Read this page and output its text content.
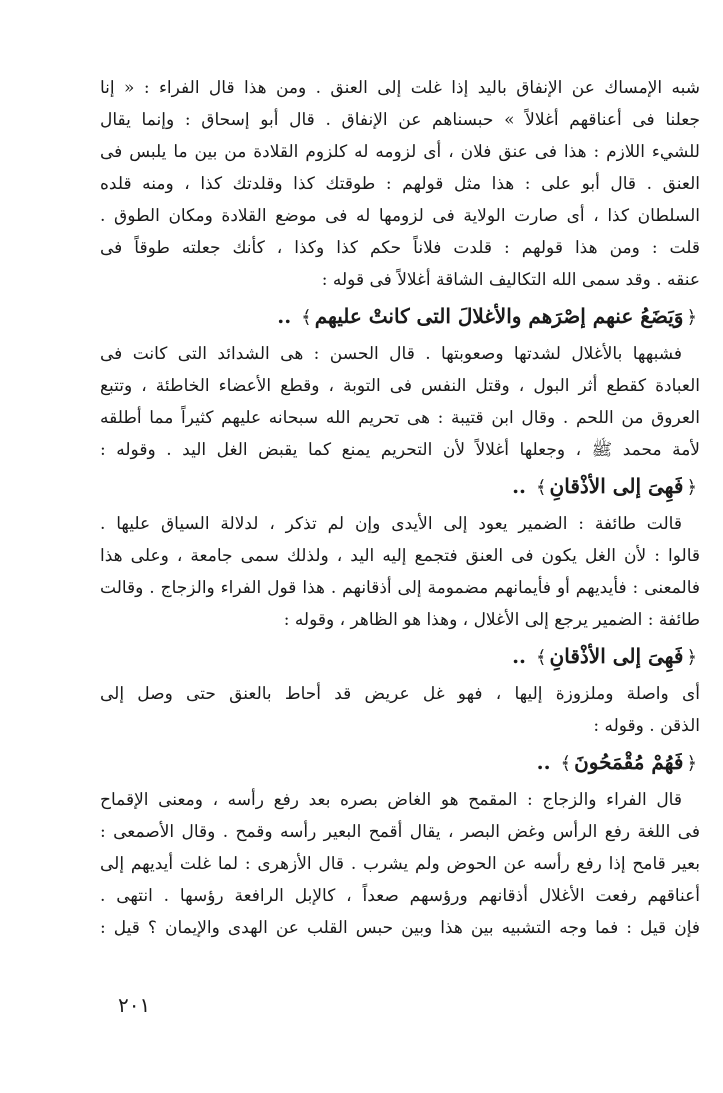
شبه الإمساك عن الإنفاق باليد إذا غلت إلى العنق . ومن هذا قال الفراء : « إنا
جعلنا فى أعناقهم أغلالاً » حبسناهم عن الإنفاق . قال أبو إسحاق : وإنما يقال
للشيء اللازم : هذا فى عنق فلان ، أى لزومه له كلزوم القلادة من بين ما يلبس فى
العنق . قال أبو على : هذا مثل قولهم : طوقتك كذا وقلدتك كذا ، ومنه قلده
السلطان كذا ، أى صارت الولاية فى لزومها له فى موضع القلادة ومكان الطوق .
قلت : ومن هذا قولهم : قلدت فلاناً حكم كذا وكذا ، كأنك جعلته طوقاً فى
عنقه . وقد سمى الله التكاليف الشاقة أغلالاً فى قوله :
﴿وَيَضَعُ عنهم إصْرَهم والأغلالَ التى كانتْ عليهم﴾ ..
فشبهها بالأغلال لشدتها وصعوبتها . قال الحسن : هى الشدائد التى كانت فى
العبادة كقطع أثر البول ، وقتل النفس فى التوبة ، وقطع الأعضاء الخاطئة ، وتتبع
العروق من اللحم . وقال ابن قتيبة : هى تحريم الله سبحانه عليهم كثيراً مما أطلقه
لأمة محمد ﷺ ، وجعلها أغلالاً لأن التحريم يمنع كما يقبض الغل اليد . وقوله :
﴿فَهِىَ إلى الأذْقانِ﴾ ..
قالت طائفة : الضمير يعود إلى الأيدى وإن لم تذكر ، لدلالة السياق عليها .
قالوا : لأن الغل يكون فى العنق فتجمع إليه اليد ، ولذلك سمى جامعة ، وعلى هذا
فالمعنى : فأيديهم أو فأيمانهم مضمومة إلى أذقانهم . هذا قول الفراء والزجاج . وقالت
طائفة : الضمير يرجع إلى الأغلال ، وهذا هو الظاهر ، وقوله :
﴿فَهِىَ إلى الأذْقانِ﴾ ..
أى واصلة وملزوزة إليها ، فهو غل عريض قد أحاط بالعنق حتى وصل إلى
الذقن . وقوله :
﴿فَهُمْ مُقْمَحُونَ﴾ ..
قال الفراء والزجاج : المقمح هو الغاض بصره بعد رفع رأسه ، ومعنى الإقماح
فى اللغة رفع الرأس وغض البصر ، يقال أقمح البعير رأسه وقمح . وقال الأصمعى :
بعير قامح إذا رفع رأسه عن الحوض ولم يشرب . قال الأزهرى : لما غلت أيديهم إلى
أعناقهم رفعت الأغلال أذقانهم ورؤسهم صعداً ، كالإبل الرافعة رؤسها . انتهى .
فإن قيل : فما وجه التشبيه بين هذا وبين حبس القلب عن الهدى والإيمان ؟ قيل :
٢٠١
